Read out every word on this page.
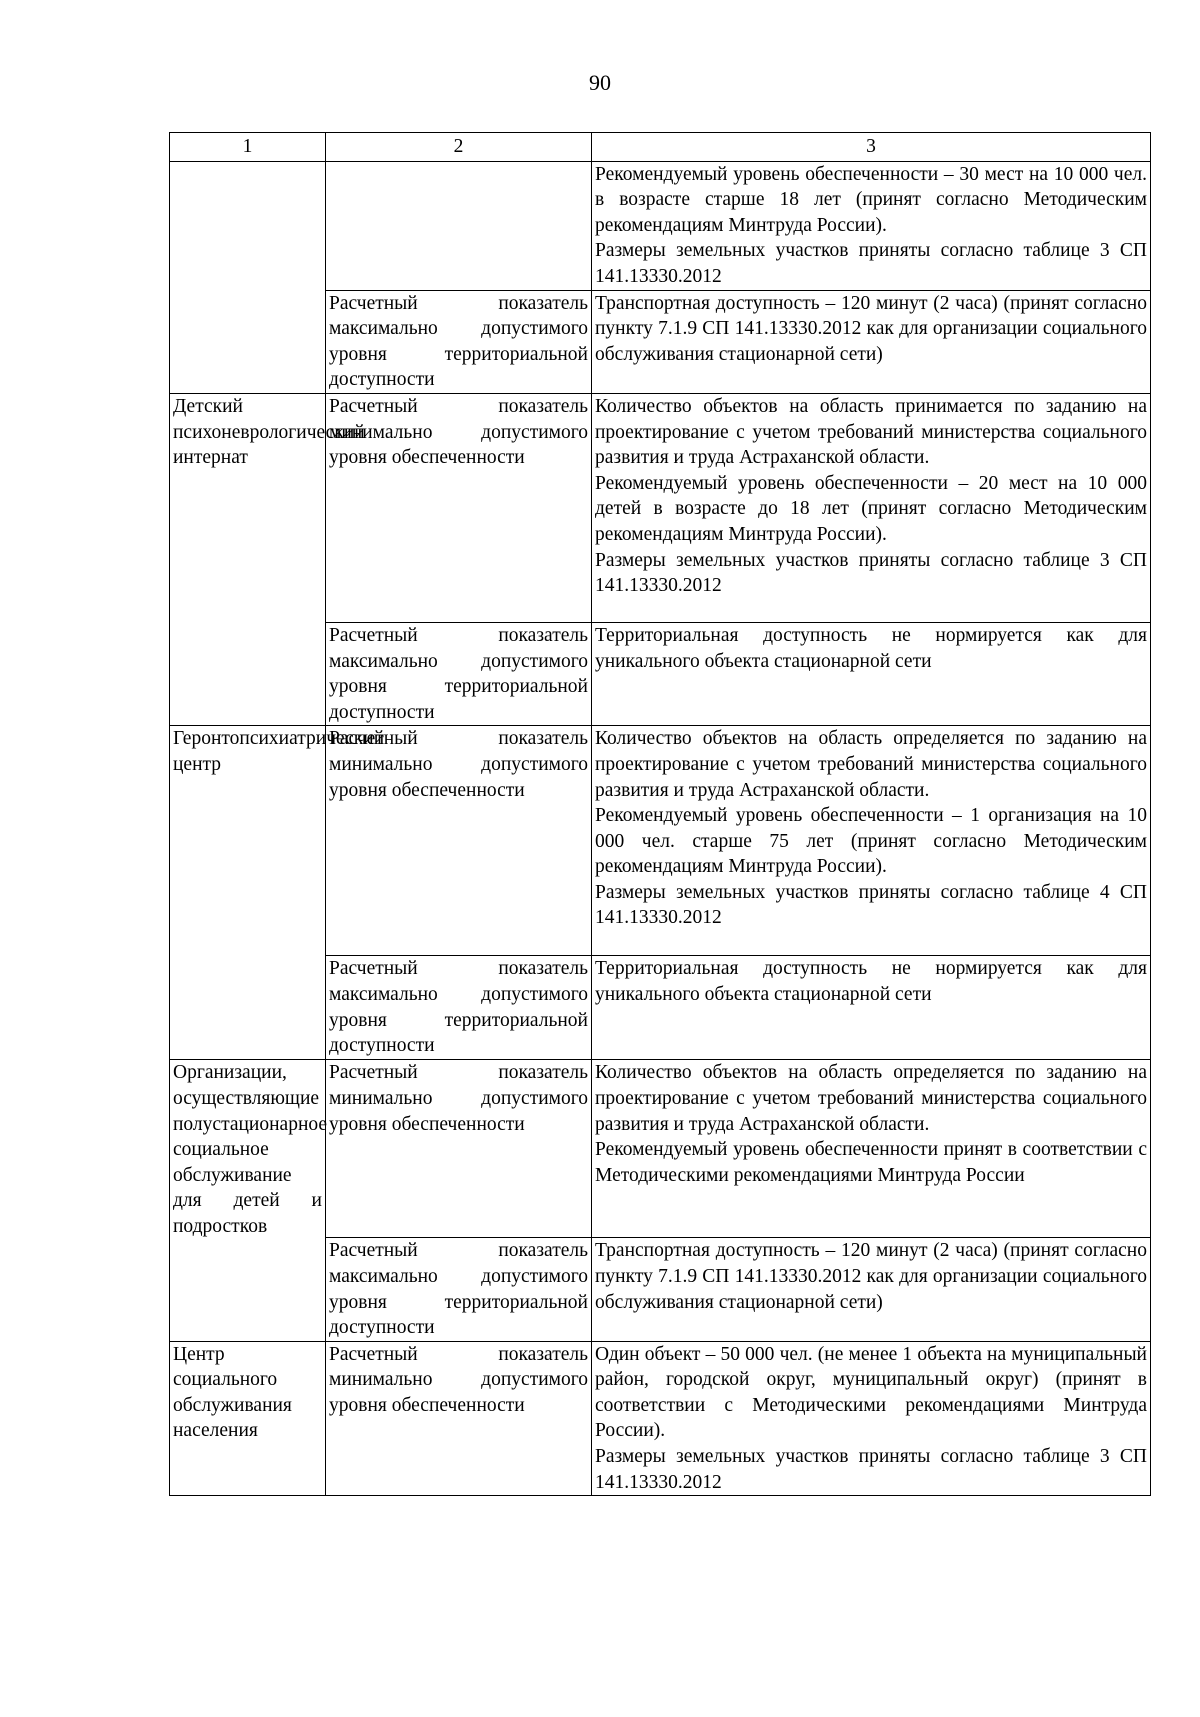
90
1	2	3

		Рекомендуемый уровень обеспеченности – 30 мест на 10 000 чел. в возрасте старше 18 лет (принят согласно Методическим рекомендациям Минтруда России).
Размеры земельных участков приняты согласно таблице 3 СП 141.13330.2012

	Расчетный показатель максимально допустимого уровня территориальной доступности	Транспортная доступность – 120 минут (2 часа) (принят согласно пункту 7.1.9 СП 141.13330.2012 как для организации социального обслуживания стационарной сети)

Детский психоневрологический интернат	Расчетный показатель минимально допустимого уровня обеспеченности	Количество объектов на область принимается по заданию на проектирование с учетом требований министерства социального развития и труда Астраханской области.
Рекомендуемый уровень обеспеченности – 20 мест на 10 000 детей в возрасте до 18 лет (принят согласно Методическим рекомендациям Минтруда России).
Размеры земельных участков приняты согласно таблице 3 СП 141.13330.2012

	Расчетный показатель максимально допустимого уровня территориальной доступности	Территориальная доступность не нормируется как для уникального объекта стационарной сети

Геронтопсихиатрический центр	Расчетный показатель минимально допустимого уровня обеспеченности	Количество объектов на область определяется по заданию на проектирование с учетом требований министерства социального развития и труда Астраханской области.
Рекомендуемый уровень обеспеченности – 1 организация на 10 000 чел. старше 75 лет (принят согласно Методическим рекомендациям Минтруда России).
Размеры земельных участков приняты согласно таблице 4 СП 141.13330.2012

	Расчетный показатель максимально допустимого уровня территориальной доступности	Территориальная доступность не нормируется как для уникального объекта стационарной сети

Организации, осуществляющие полустационарное социальное обслуживание для детей и подростков	Расчетный показатель минимально допустимого уровня обеспеченности	Количество объектов на область определяется по заданию на проектирование с учетом требований министерства социального развития и труда Астраханской области.
Рекомендуемый уровень обеспеченности принят в соответствии с Методическими рекомендациями Минтруда России

	Расчетный показатель максимально допустимого уровня территориальной доступности	Транспортная доступность – 120 минут (2 часа) (принят согласно пункту 7.1.9 СП 141.13330.2012 как для организации социального обслуживания стационарной сети)

Центр социального обслуживания населения	Расчетный показатель минимально допустимого уровня обеспеченности	Один объект – 50 000 чел. (не менее 1 объекта на муниципальный район, городской округ, муниципальный округ) (принят в соответствии с Методическими рекомендациями Минтруда России).
Размеры земельных участков приняты согласно таблице 3 СП 141.13330.2012
